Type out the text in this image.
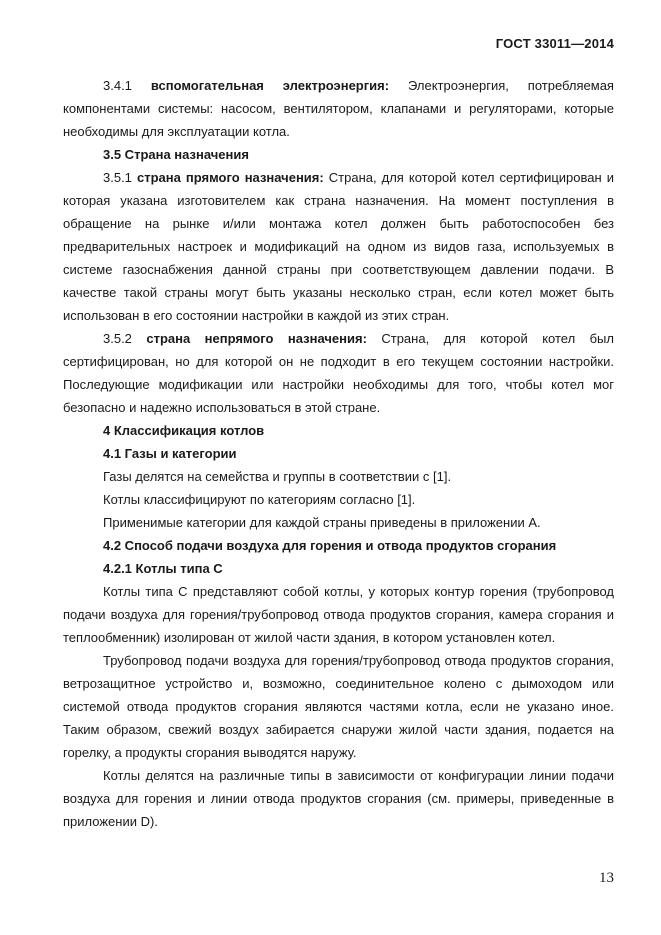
ГОСТ 33011—2014

3.4.1 вспомогательная электроэнергия: Электроэнергия, потребляемая компонентами системы: насосом, вентилятором, клапанами и регуляторами, которые необходимы для эксплуатации котла.

3.5 Страна назначения

3.5.1 страна прямого назначения: Страна, для которой котел сертифицирован и которая указана изготовителем как страна назначения. На момент поступления в обращение на рынке и/или монтажа котел должен быть работоспособен без предварительных настроек и модификаций на одном из видов газа, используемых в системе газоснабжения данной страны при соответствующем давлении подачи. В качестве такой страны могут быть указаны несколько стран, если котел может быть использован в его состоянии настройки в каждой из этих стран.

3.5.2 страна непрямого назначения: Страна, для которой котел был сертифицирован, но для которой он не подходит в его текущем состоянии настройки. Последующие модификации или настройки необходимы для того, чтобы котел мог безопасно и надежно использоваться в этой стране.

4 Классификация котлов

4.1 Газы и категории

Газы делятся на семейства и группы в соответствии с [1].

Котлы классифицируют по категориям согласно [1].

Применимые категории для каждой страны приведены в приложении А.

4.2 Способ подачи воздуха для горения и отвода продуктов сгорания

4.2.1 Котлы типа С

Котлы типа С представляют собой котлы, у которых контур горения (трубопровод подачи воздуха для горения/трубопровод отвода продуктов сгорания, камера сгорания и теплообменник) изолирован от жилой части здания, в котором установлен котел.

Трубопровод подачи воздуха для горения/трубопровод отвода продуктов сгорания, ветрозащитное устройство и, возможно, соединительное колено с дымоходом или системой отвода продуктов сгорания являются частями котла, если не указано иное. Таким образом, свежий воздух забирается снаружи жилой части здания, подается на горелку, а продукты сгорания выводятся наружу.

Котлы делятся на различные типы в зависимости от конфигурации линии подачи воздуха для горения и линии отвода продуктов сгорания (см. примеры, приведенные в приложении D).

13
